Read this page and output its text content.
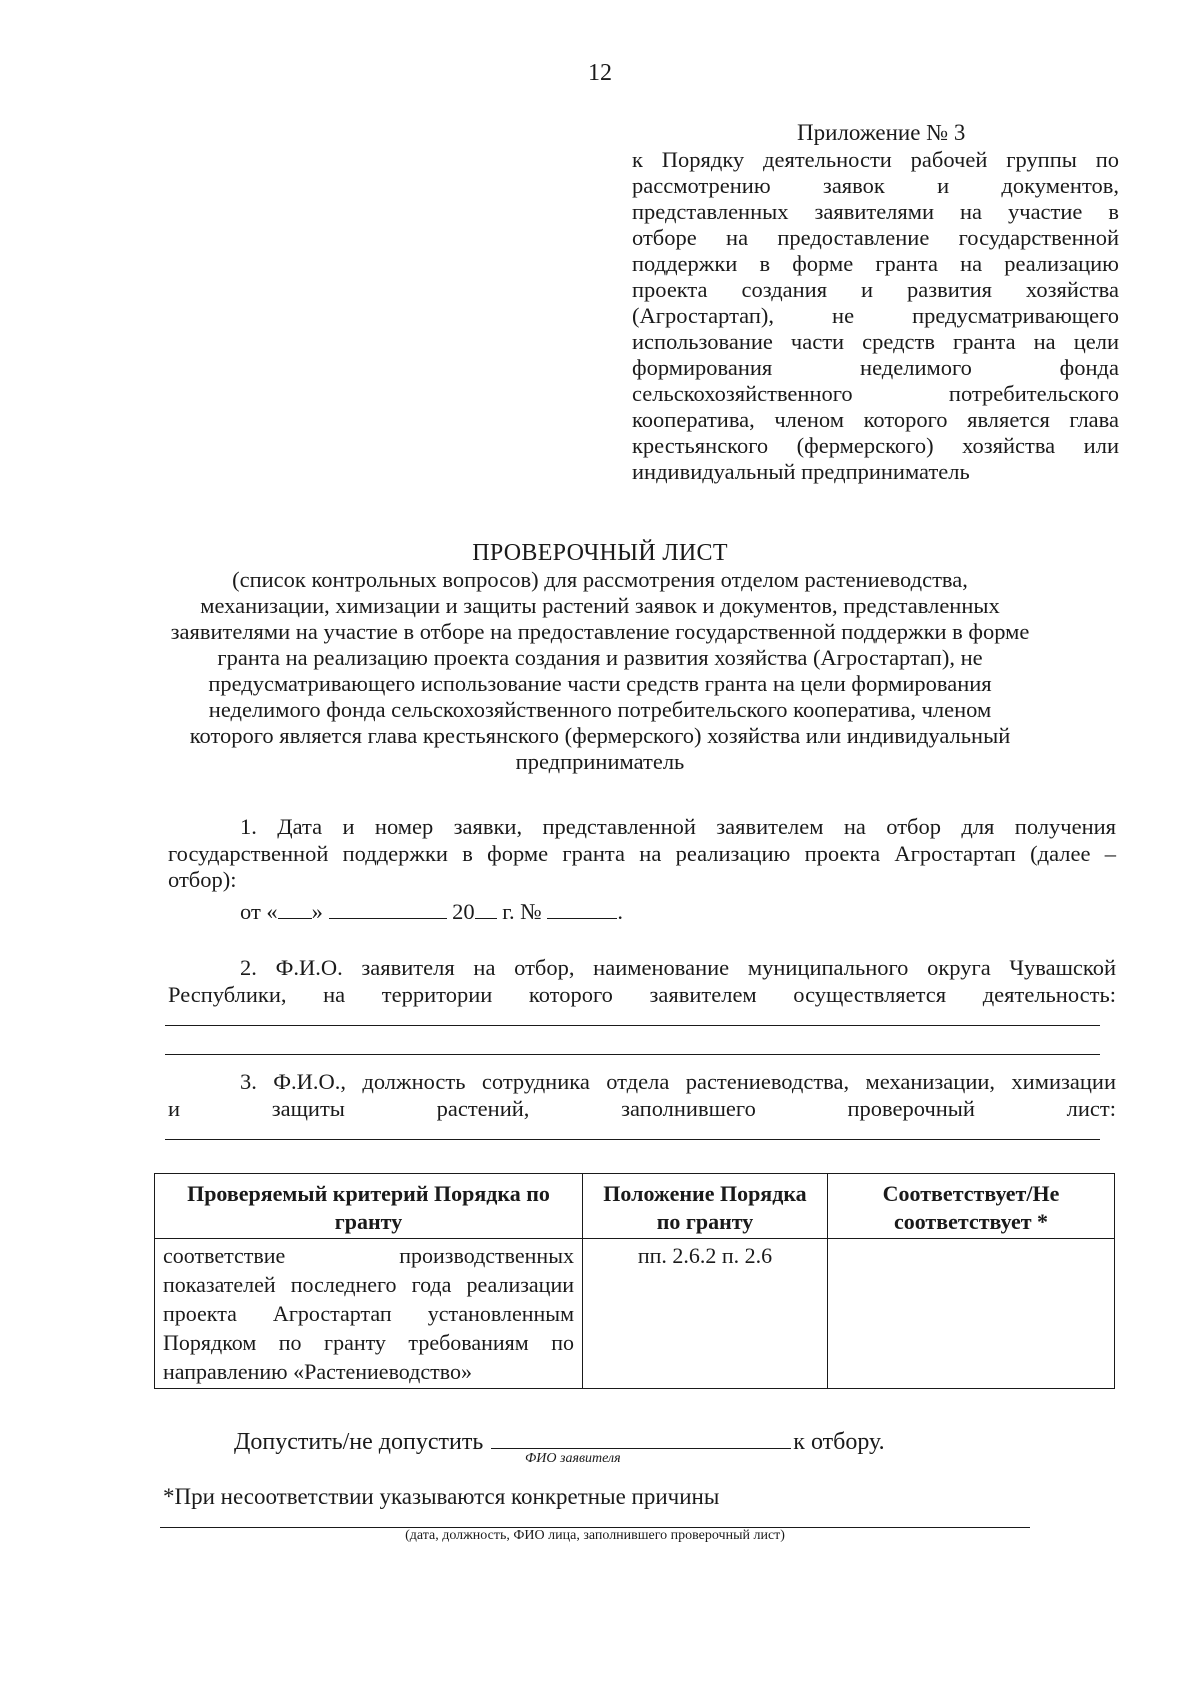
12
Приложение № 3
к Порядку деятельности рабочей группы по
рассмотрению заявок и документов,
представленных заявителями на участие в
отборе на предоставление государственной
поддержки в форме гранта на реализацию
проекта создания и развития хозяйства
(Агростартап), не предусматривающего
использование части средств гранта на цели
формирования неделимого фонда
сельскохозяйственного потребительского
кооператива, членом которого является глава
крестьянского (фермерского) хозяйства или
индивидуальный предприниматель
ПРОВЕРОЧНЫЙ ЛИСТ
(список контрольных вопросов) для рассмотрения отделом растениеводства,
механизации, химизации и защиты растений заявок и документов, представленных
заявителями на участие в отборе на предоставление государственной поддержки в форме
гранта на реализацию проекта создания и развития хозяйства (Агростартап), не
предусматривающего использование части средств гранта на цели формирования
неделимого фонда сельскохозяйственного потребительского кооператива, членом
которого является глава крестьянского (фермерского) хозяйства или индивидуальный
предприниматель
1. Дата и номер заявки, представленной заявителем на отбор для получения
государственной поддержки в форме гранта на реализацию проекта Агростартап (далее –
отбор):
от « »	20 г. №	.
2. Ф.И.О. заявителя на отбор, наименование муниципального округа Чувашской
Республики, на территории которого заявителем осуществляется деятельность:
3. Ф.И.О., должность сотрудника отдела растениеводства, механизации, химизации
и защиты растений, заполнившего проверочный лист:
Проверяемый критерий Порядка по гранту	Положение Порядка по гранту	Соответствует/Не соответствует *

соответствие производственных
показателей последнего года реализации
проекта Агростартап установленным
Порядком по гранту требованиям по
направлению «Растениеводство»	пп. 2.6.2 п. 2.6	
Допустить/не допустить	к отбору.
ФИО заявителя
*При несоответствии указываются конкретные причины
(дата, должность, ФИО лица, заполнившего проверочный лист)
